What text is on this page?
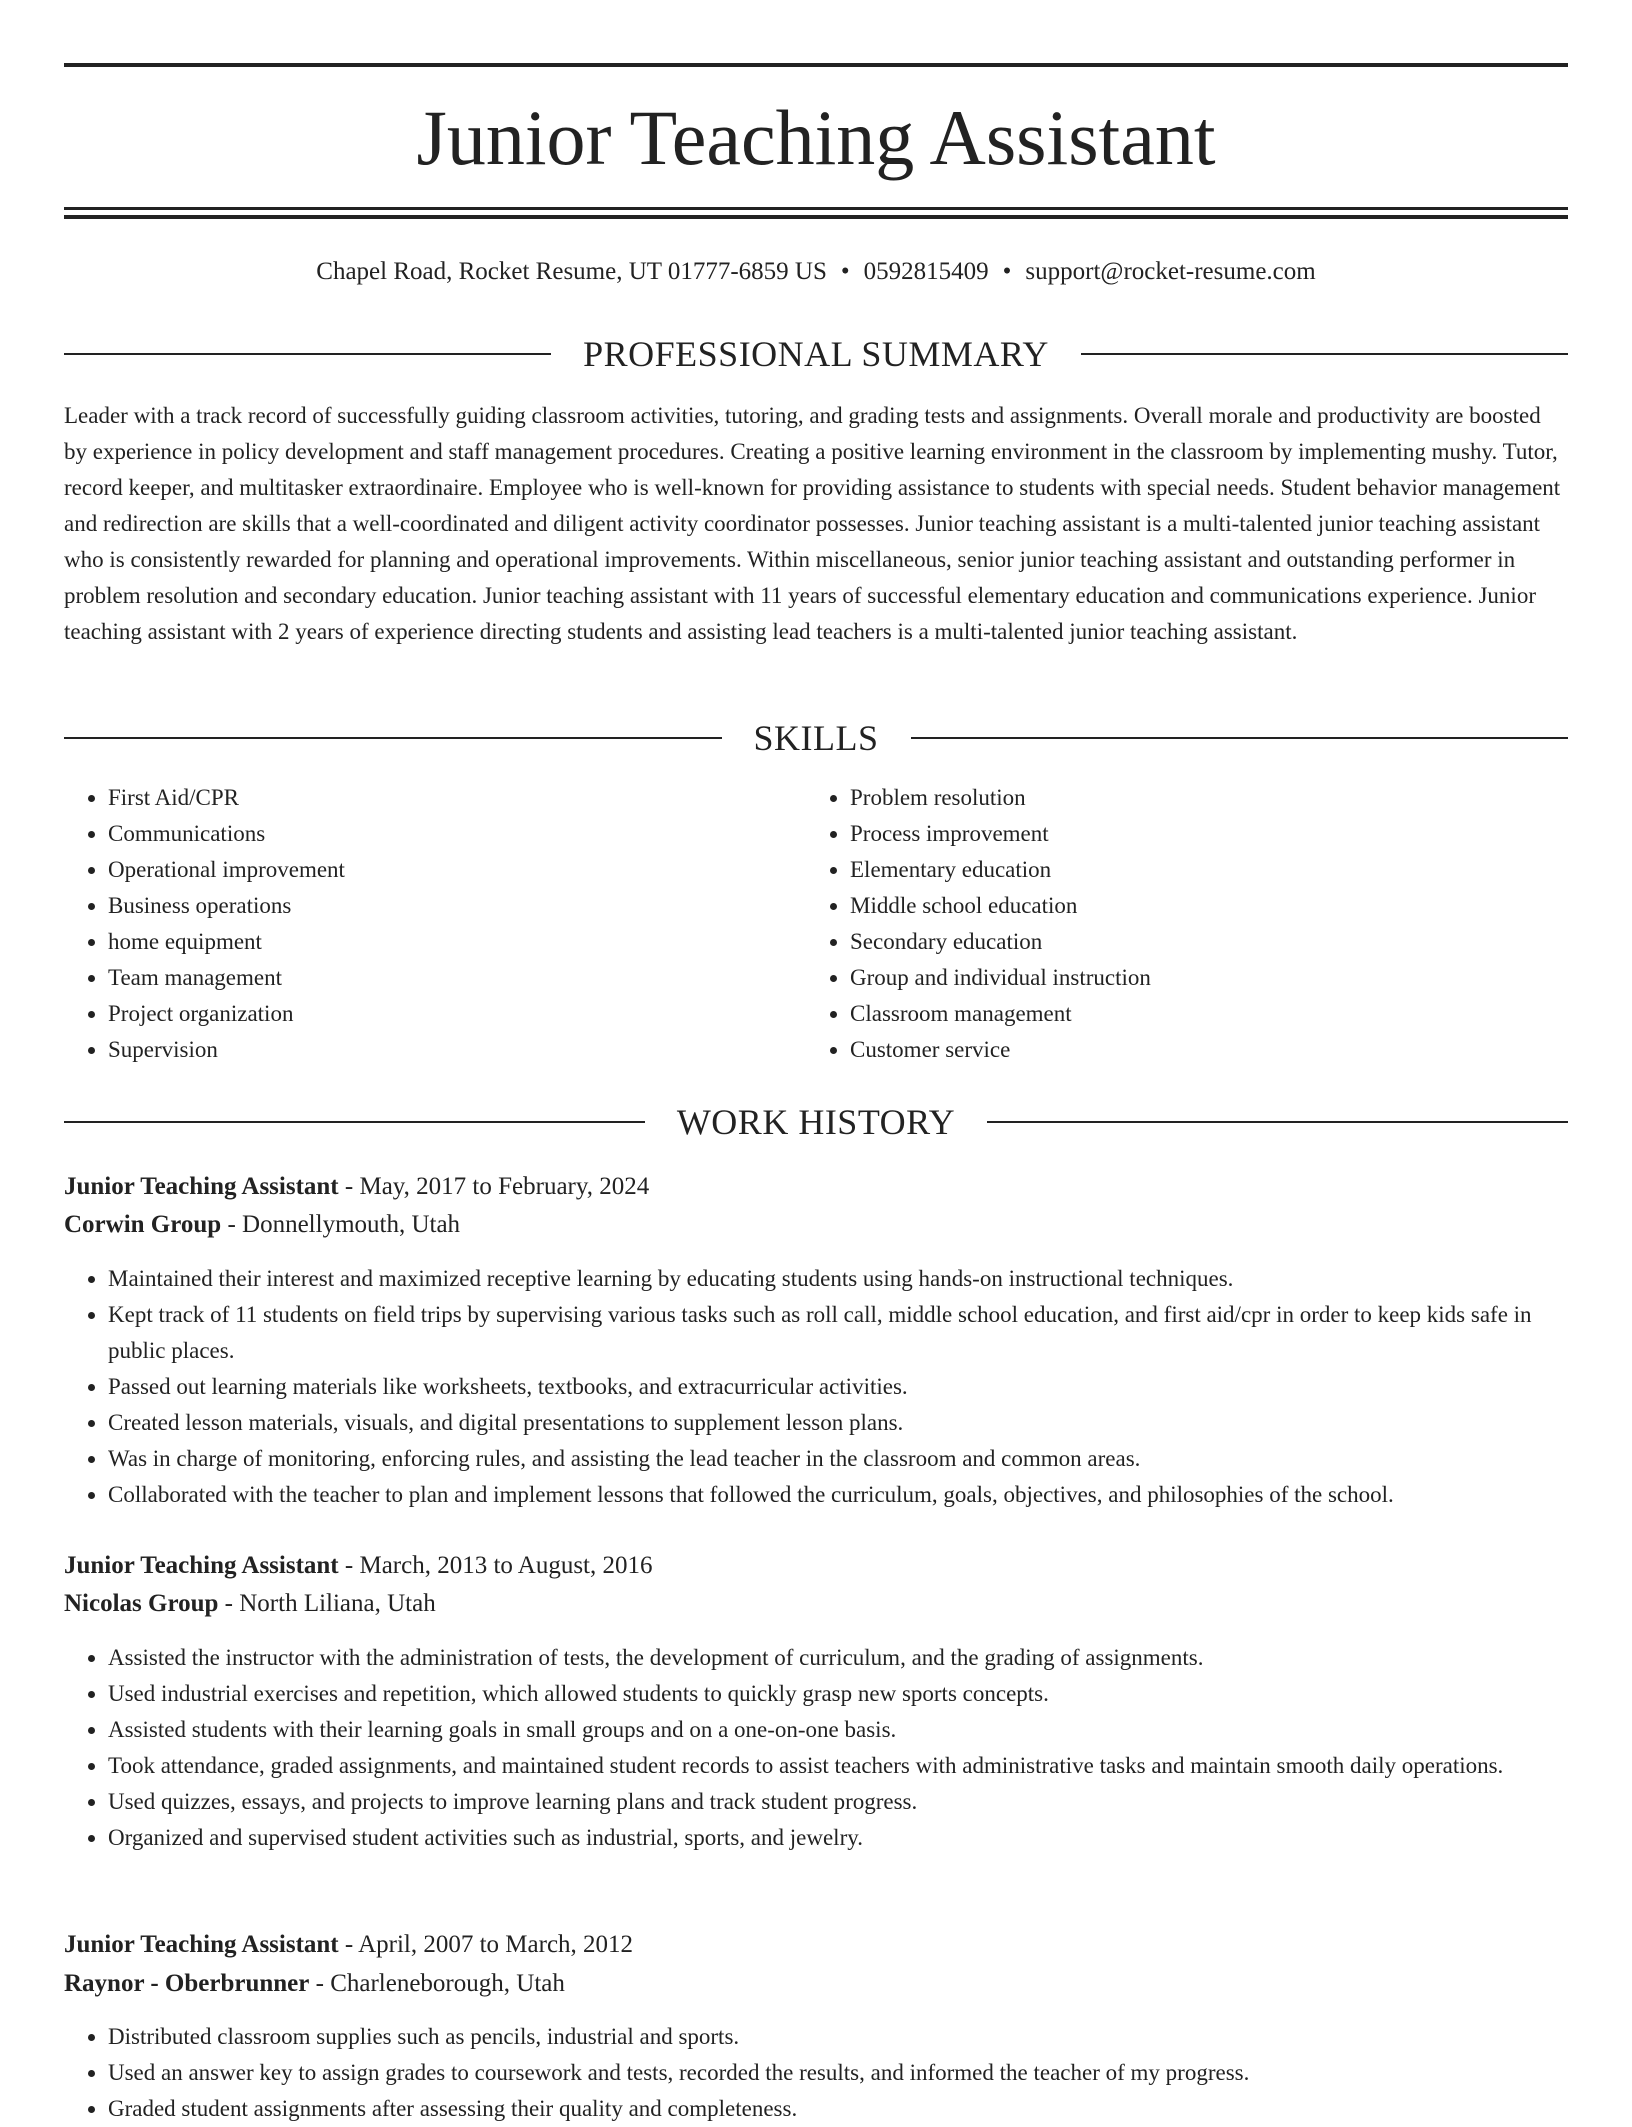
Junior Teaching Assistant
Chapel Road, Rocket Resume, UT 01777-6859 US • 0592815409 • support@rocket-resume.com
PROFESSIONAL SUMMARY

Leader with a track record of successfully guiding classroom activities, tutoring, and grading tests and assignments. Overall morale and productivity are boosted by experience in policy development and staff management procedures. Creating a positive learning environment in the classroom by implementing mushy. Tutor, record keeper, and multitasker extraordinaire. Employee who is well-known for providing assistance to students with special needs. Student behavior management and redirection are skills that a well-coordinated and diligent activity coordinator possesses. Junior teaching assistant is a multi-talented junior teaching assistant who is consistently rewarded for planning and operational improvements. Within miscellaneous, senior junior teaching assistant and outstanding performer in problem resolution and secondary education. Junior teaching assistant with 11 years of successful elementary education and communications experience. Junior teaching assistant with 2 years of experience directing students and assisting lead teachers is a multi-talented junior teaching assistant.

SKILLS
• First Aid/CPR
• Communications
• Operational improvement
• Business operations
• home equipment
• Team management
• Project organization
• Supervision
• Problem resolution
• Process improvement
• Elementary education
• Middle school education
• Secondary education
• Group and individual instruction
• Classroom management
• Customer service
WORK HISTORY
Junior Teaching Assistant - May, 2017 to February, 2024
Corwin Group - Donnellymouth, Utah
• Maintained their interest and maximized receptive learning by educating students using hands-on instructional techniques.
• Kept track of 11 students on field trips by supervising various tasks such as roll call, middle school education, and first aid/cpr in order to keep kids safe in public places.
• Passed out learning materials like worksheets, textbooks, and extracurricular activities.
• Created lesson materials, visuals, and digital presentations to supplement lesson plans.
• Was in charge of monitoring, enforcing rules, and assisting the lead teacher in the classroom and common areas.
• Collaborated with the teacher to plan and implement lessons that followed the curriculum, goals, objectives, and philosophies of the school.
Junior Teaching Assistant - March, 2013 to August, 2016
Nicolas Group - North Liliana, Utah
• Assisted the instructor with the administration of tests, the development of curriculum, and the grading of assignments.
• Used industrial exercises and repetition, which allowed students to quickly grasp new sports concepts.
• Assisted students with their learning goals in small groups and on a one-on-one basis.
• Took attendance, graded assignments, and maintained student records to assist teachers with administrative tasks and maintain smooth daily operations.
• Used quizzes, essays, and projects to improve learning plans and track student progress.
• Organized and supervised student activities such as industrial, sports, and jewelry.
Junior Teaching Assistant - April, 2007 to March, 2012
Raynor - Oberbrunner - Charleneborough, Utah
• Distributed classroom supplies such as pencils, industrial and sports.
• Used an answer key to assign grades to coursework and tests, recorded the results, and informed the teacher of my progress.
• Graded student assignments after assessing their quality and completeness.
